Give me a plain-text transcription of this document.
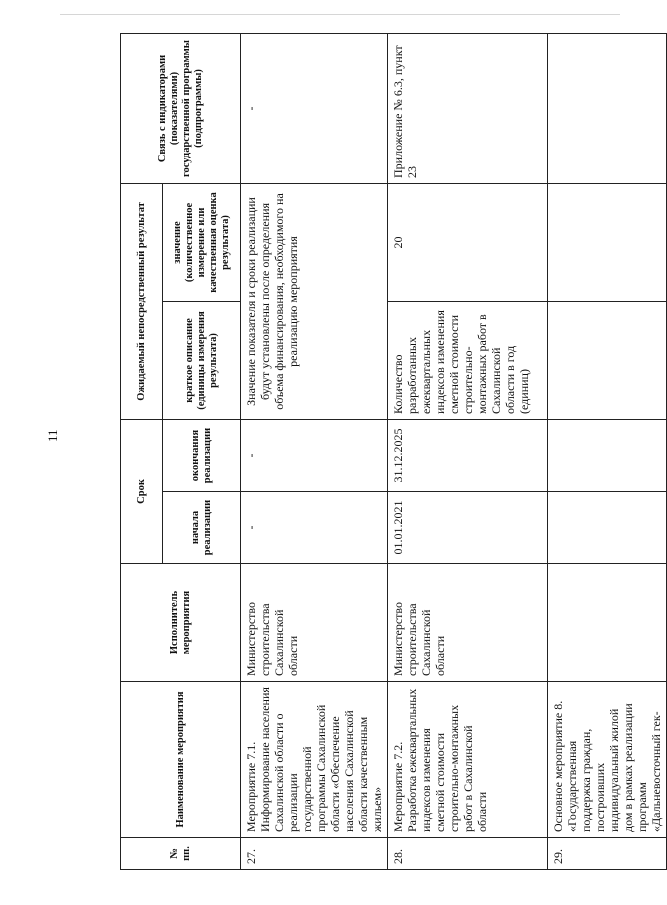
11
№ пп.	Наименование мероприятия	Исполнитель мероприятия	Срок		Ожидаемый непосредственный результат		Связь с индикаторами (показателями) государственной программы (подпрограммы)
			начала реализации	окончания реализации	краткое описание (единицы измерения результата)	значение (количественное измерение или качественная оценка результата)	
27.	Мероприятие 7.1. Информирование населения Сахалинской области о реализации государственной программы Сахалинской области «Обеспечение населения Сахалинской области качественным жильем»	Министерство строительства Сахалинской области	-	-	Значение показателя и сроки реализации будут установлены после определения объема финансирования, необходимого на реализацию мероприятия		-
28.	Мероприятие 7.2. Разработка ежеквартальных индексов изменения сметной стоимости строительно-монтажных работ в Сахалинской области	Министерство строительства Сахалинской области	01.01.2021	31.12.2025	Количество разработанных ежеквартальных индексов изменения сметной стоимости строительно-монтажных работ в Сахалинской области в год (единиц)	20	Приложение № 6.3, пункт 23
29.	Основное мероприятие 8. «Государственная поддержка граждан, построивших индивидуальный жилой дом в рамках реализации программ «Дальневосточный гек-						
